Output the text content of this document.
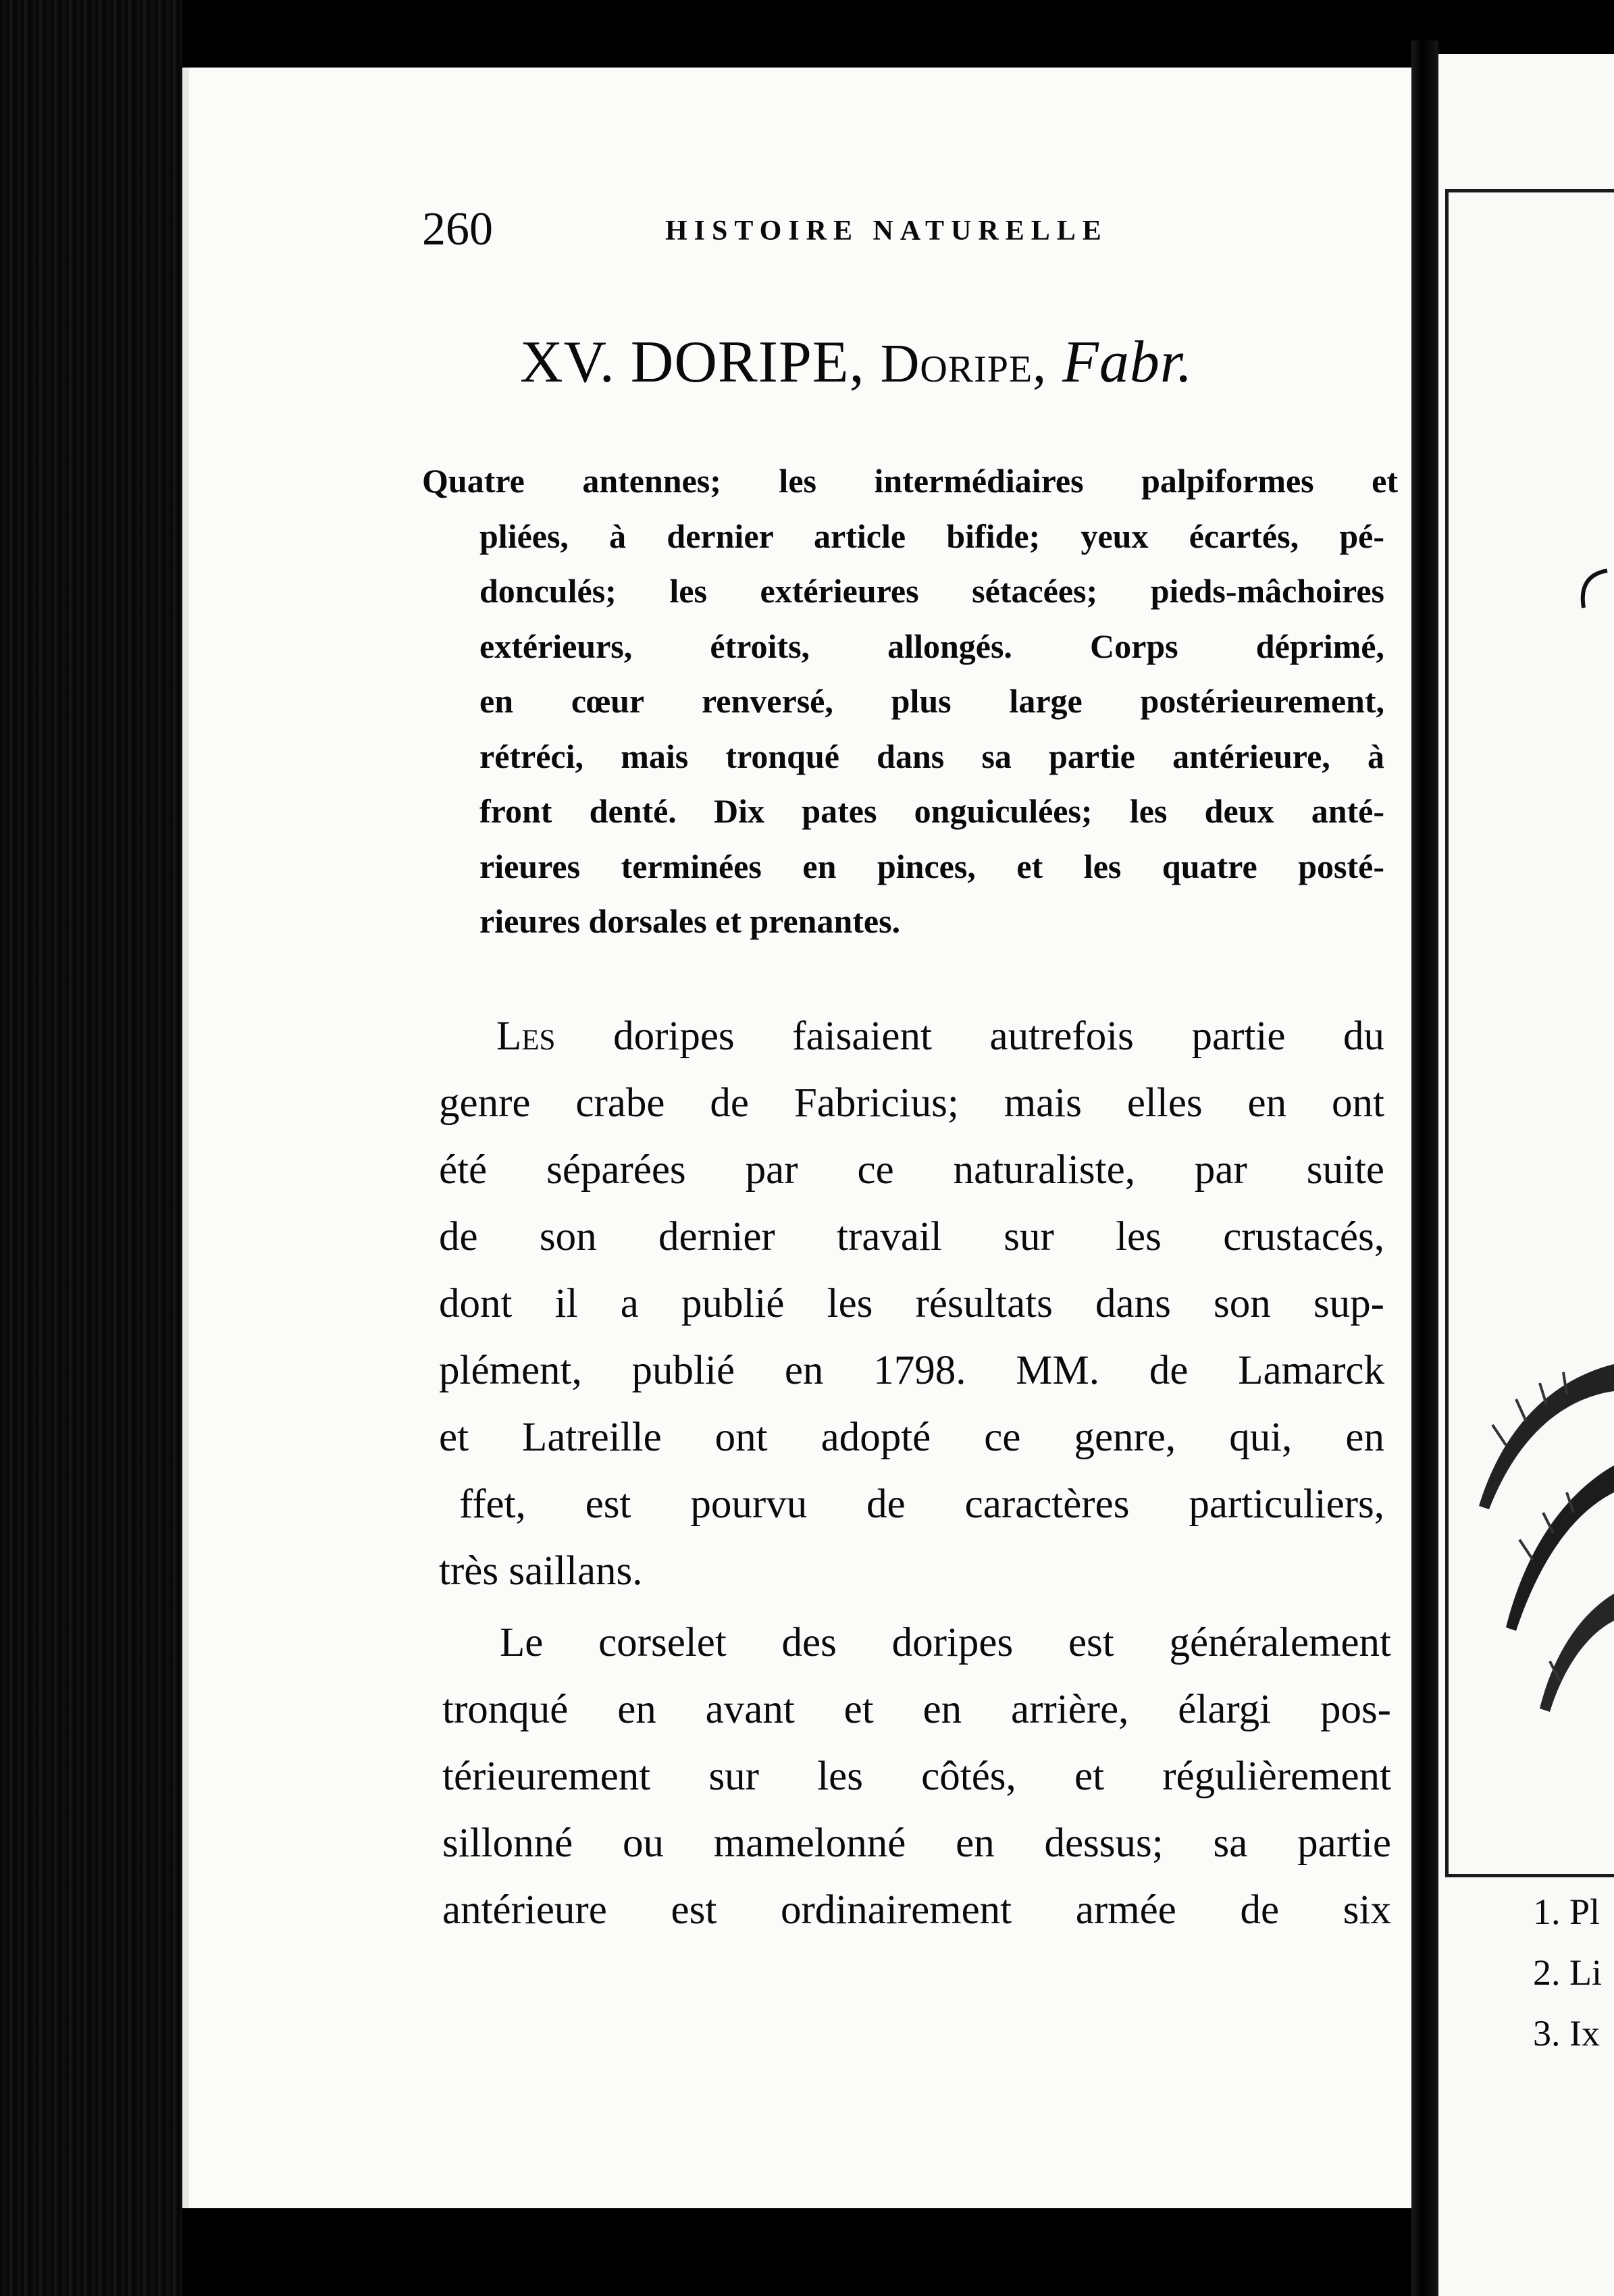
260	HISTOIRE NATURELLE
XV. DORIPE, Doripe, Fabr.
Quatre antennes; les intermédiaires palpiformes et
pliées, à dernier article bifide; yeux écartés, pé-
donculés; les extérieures sétacées; pieds-mâchoires
extérieurs, étroits, allongés. Corps déprimé,
en cœur renversé, plus large postérieurement,
rétréci, mais tronqué dans sa partie antérieure, à
front denté. Dix pates onguiculées; les deux anté-
rieures terminées en pinces, et les quatre posté-
rieures dorsales et prenantes.
Les doripes faisaient autrefois partie du
genre crabe de Fabricius; mais elles en ont
été séparées par ce naturaliste, par suite
de son dernier travail sur les crustacés,
dont il a publié les résultats dans son sup-
plément, publié en 1798. MM. de Lamarck
et Latreille ont adopté ce genre, qui, en
ffet, est pourvu de caractères particuliers,
très saillans.
Le corselet des doripes est généralement
tronqué en avant et en arrière, élargi pos-
térieurement sur les côtés, et régulièrement
sillonné ou mamelonné en dessus; sa partie
antérieure est ordinairement armée de six	1. Pl
2. Li
3. Ix
